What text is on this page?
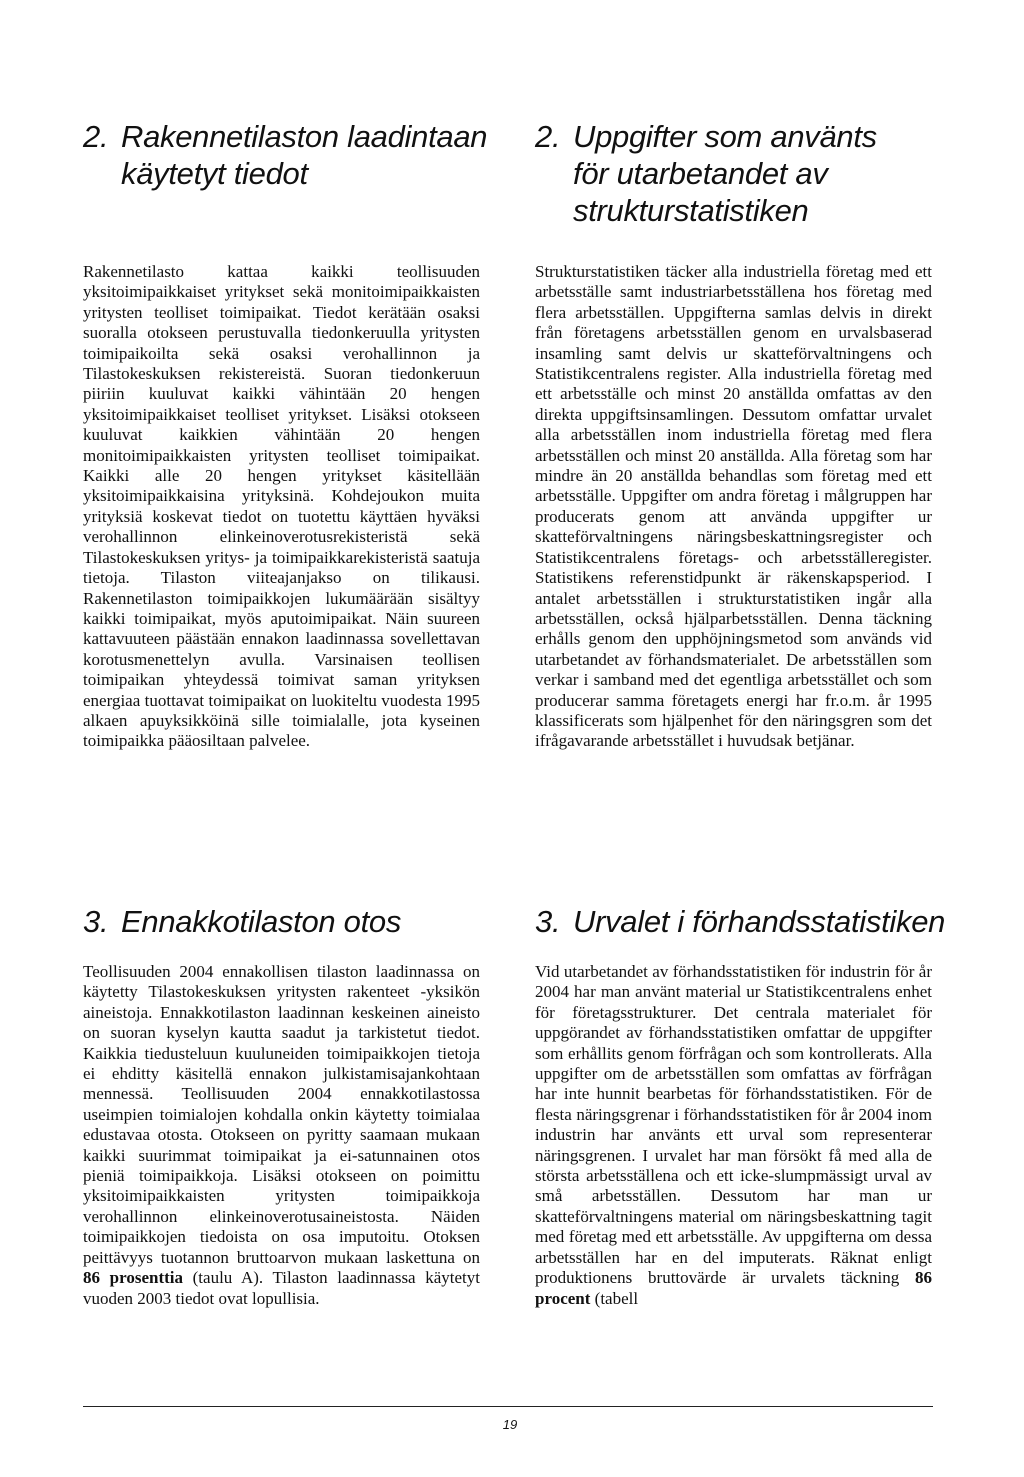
2. Rakennetilaston laadintaan
käytetyt tiedot

Rakennetilasto kattaa kaikki teollisuuden yksitoimipaikkaiset yritykset sekä monitoimipaikkaisten yritysten teolliset toimipaikat. Tiedot kerätään osaksi suoralla otokseen perustuvalla tiedonkeruulla yritysten toimipaikoilta sekä osaksi verohallinnon ja Tilastokeskuksen rekistereistä. Suoran tiedonkeruun piiriin kuuluvat kaikki vähintään 20 hengen yksitoimipaikkaiset teolliset yritykset. Lisäksi otokseen kuuluvat kaikkien vähintään 20 hengen monitoimipaikkaisten yritysten teolliset toimipaikat. Kaikki alle 20 hengen yritykset käsitellään yksitoimipaikkaisina yrityksinä. Kohdejoukon muita yrityksiä koskevat tiedot on tuotettu käyttäen hyväksi verohallinnon elinkeinoverotusrekisteristä sekä Tilastokeskuksen yritys- ja toimipaikkarekisteristä saatuja tietoja. Tilaston viiteajanjakso on tilikausi. Rakennetilaston toimipaikkojen lukumäärään sisältyy kaikki toimipaikat, myös aputoimipaikat. Näin suureen kattavuuteen päästään ennakon laadinnassa sovellettavan korotusmenettelyn avulla. Varsinaisen teollisen toimipaikan yhteydessä toimivat saman yrityksen energiaa tuottavat toimipaikat on luokiteltu vuodesta 1995 alkaen apuyksikköinä sille toimialalle, jota kyseinen toimipaikka pääosiltaan palvelee.

3. Ennakkotilaston otos

Teollisuuden 2004 ennakollisen tilaston laadinnassa on käytetty Tilastokeskuksen yritysten rakenteet -yksikön aineistoja. Ennakkotilaston laadinnan keskeinen aineisto on suoran kyselyn kautta saadut ja tarkistetut tiedot. Kaikkia tiedusteluun kuuluneiden toimipaikkojen tietoja ei ehditty käsitellä ennakon julkistamisajankohtaan mennessä. Teollisuuden 2004 ennakkotilastossa useimpien toimialojen kohdalla onkin käytetty toimialaa edustavaa otosta. Otokseen on pyritty saamaan mukaan kaikki suurimmat toimipaikat ja ei-satunnainen otos pieniä toimipaikkoja. Lisäksi otokseen on poimittu yksitoimipaikkaisten yritysten toimipaikkoja verohallinnon elinkeinoverotusaineistosta. Näiden toimipaikkojen tiedoista on osa imputoitu. Otoksen peittävyys tuotannon bruttoarvon mukaan laskettuna on 86 prosenttia (taulu A). Tilaston laadinnassa käytetyt vuoden 2003 tiedot ovat lopullisia.

2. Uppgifter som använts
för utarbetandet av
strukturstatistiken

Strukturstatistiken täcker alla industriella företag med ett arbetsställe samt industriarbetsställena hos företag med flera arbetsställen. Uppgifterna samlas delvis in direkt från företagens arbetsställen genom en urvalsbaserad insamling samt delvis ur skatteförvaltningens och Statistikcentralens register. Alla industriella företag med ett arbetsställe och minst 20 anställda omfattas av den direkta uppgiftsinsamlingen. Dessutom omfattar urvalet alla arbetsställen inom industriella företag med flera arbetsställen och minst 20 anställda. Alla företag som har mindre än 20 anställda behandlas som företag med ett arbetsställe. Uppgifter om andra företag i målgruppen har producerats genom att använda uppgifter ur skatteförvaltningens näringsbeskattningsregister och Statistikcentralens företags- och arbetsställeregister. Statistikens referenstidpunkt är räkenskapsperiod. I antalet arbetsställen i strukturstatistiken ingår alla arbetsställen, också hjälparbetsställen. Denna täckning erhålls genom den upphöjningsmetod som används vid utarbetandet av förhandsmaterialet. De arbetsställen som verkar i samband med det egentliga arbetsstället och som producerar samma företagets energi har fr.o.m. år 1995 klassificerats som hjälpenhet för den näringsgren som det ifrågavarande arbetsstället i huvudsak betjänar.

3. Urvalet i förhandsstatistiken

Vid utarbetandet av förhandsstatistiken för industrin för år 2004 har man använt material ur Statistikcentralens enhet för företagsstrukturer. Det centrala materialet för uppgörandet av förhandsstatistiken omfattar de uppgifter som erhållits genom förfrågan och som kontrollerats. Alla uppgifter om de arbetsställen som omfattas av förfrågan har inte hunnit bearbetas för förhandsstatistiken. För de flesta näringsgrenar i förhandsstatistiken för år 2004 inom industrin har använts ett urval som representerar näringsgrenen. I urvalet har man försökt få med alla de största arbetsställena och ett icke-slumpmässigt urval av små arbetsställen. Dessutom har man ur skatteförvaltningens material om näringsbeskattning tagit med företag med ett arbetsställe. Av uppgifterna om dessa arbetsställen har en del imputerats. Räknat enligt produktionens bruttovärde är urvalets täckning 86 procent (tabell

19
